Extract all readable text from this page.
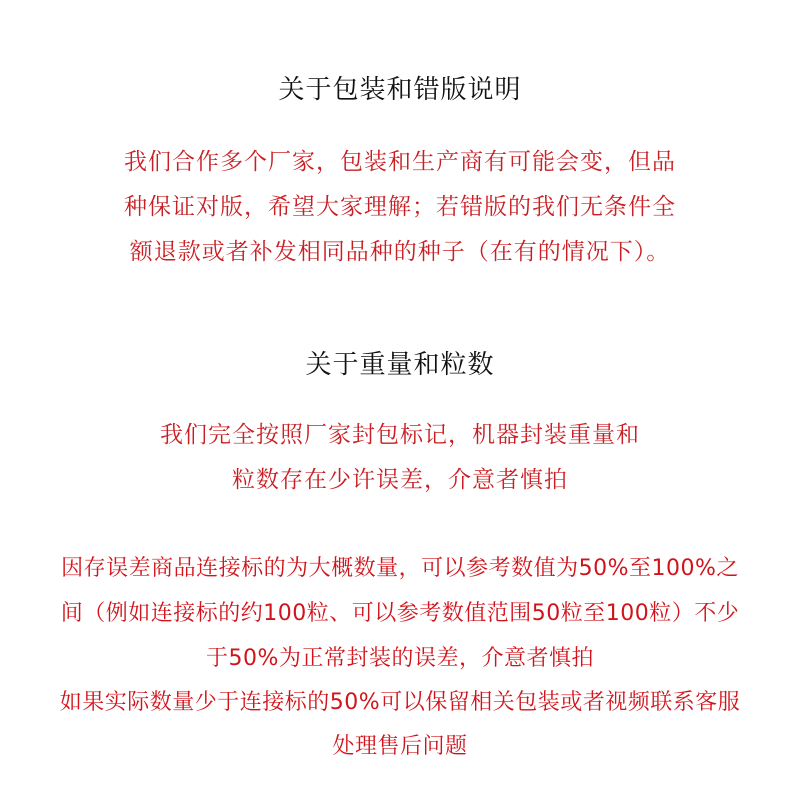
关于包装和错版说明
我们合作多个厂家，包装和生产商有可能会变，但品
种保证对版，希望大家理解；若错版的我们无条件全
额退款或者补发相同品种的种子（在有的情况下）。
关于重量和粒数
我们完全按照厂家封包标记，机器封装重量和
粒数存在少许误差，介意者慎拍
因存误差商品连接标的为大概数量，可以参考数值为50%至100%之
间（例如连接标的约100粒、可以参考数值范围50粒至100粒）不少
于50%为正常封装的误差，介意者慎拍
如果实际数量少于连接标的50%可以保留相关包装或者视频联系客服
处理售后问题
